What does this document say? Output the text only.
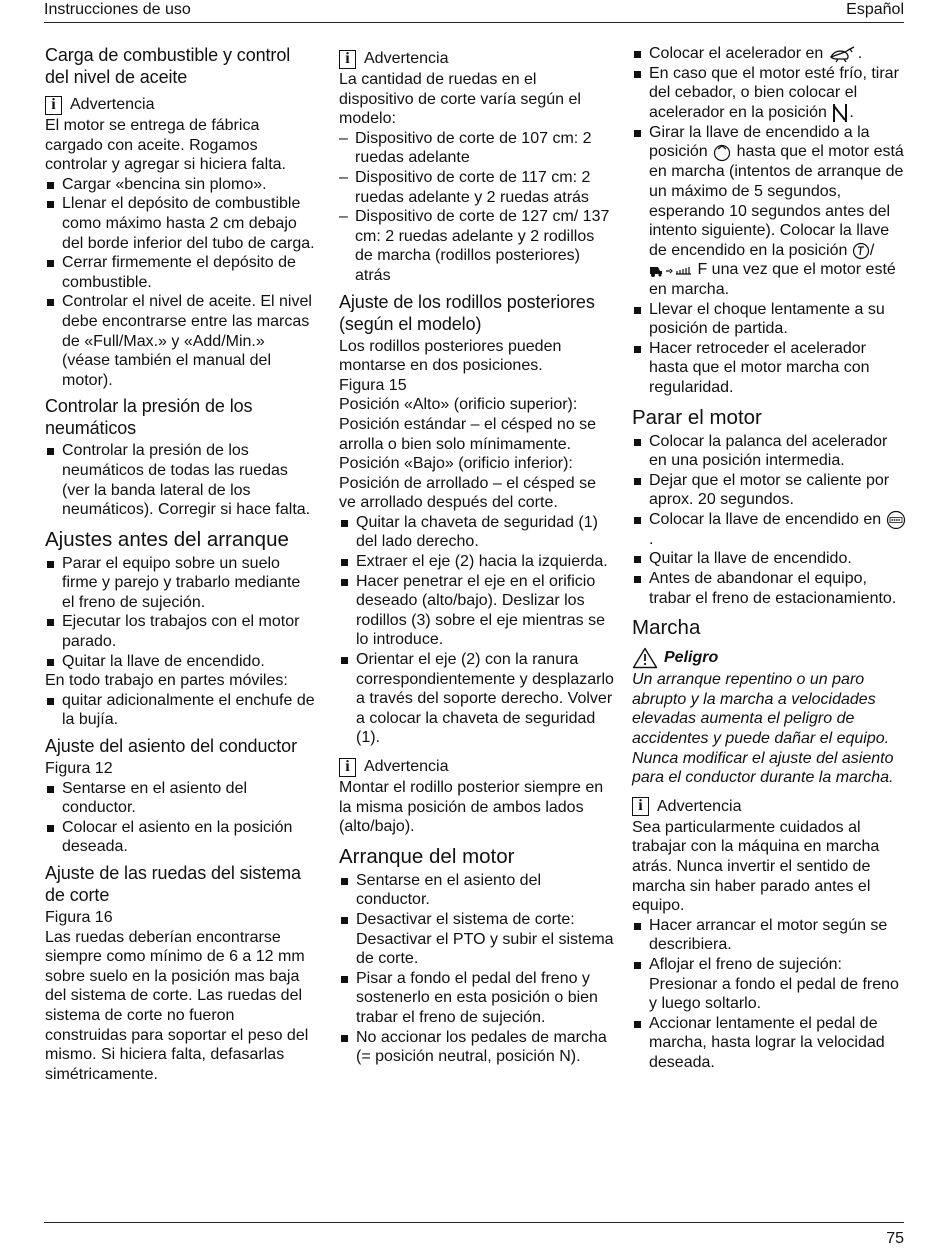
Instrucciones de uso	Español
Carga de combustible y control del nivel de aceite
i Advertencia

El motor se entrega de fábrica cargado con aceite. Rogamos controlar y agregar si hiciera falta.

Cargar «bencina sin plomo».
Llenar el depósito de combustible como máximo hasta 2 cm debajo del borde inferior del tubo de carga.
Cerrar firmemente el depósito de combustible.
Controlar el nivel de aceite. El nivel debe encontrarse entre las marcas de «Full/Max.» y «Add/Min.» (véase también el manual del motor).
Controlar la presión de los neumáticos
Controlar la presión de los neumáticos de todas las ruedas (ver la banda lateral de los neumáticos). Corregir si hace falta.
Ajustes antes del arranque
Parar el equipo sobre un suelo firme y parejo y trabarlo mediante el freno de sujeción.
Ejecutar los trabajos con el motor parado.
Quitar la llave de encendido.

En todo trabajo en partes móviles:

quitar adicionalmente el enchufe de la bujía.
Ajuste del asiento del conductor

Figura 12

Sentarse en el asiento del conductor.
Colocar el asiento en la posición deseada.
Ajuste de las ruedas del sistema de corte

Figura 16

Las ruedas deberían encontrarse siempre como mínimo de 6 a 12 mm sobre suelo en la posición mas baja del sistema de corte. Las ruedas del sistema de corte no fueron construidas para soportar el peso del mismo. Si hiciera falta, defasarlas simétricamente.

i Advertencia

La cantidad de ruedas en el dispositivo de corte varía según el modelo:

– Dispositivo de corte de 107 cm: 2 ruedas adelante
– Dispositivo de corte de 117 cm: 2 ruedas adelante y 2 ruedas atrás
– Dispositivo de corte de 127 cm/ 137 cm: 2 ruedas adelante y 2 rodillos de marcha (rodillos posteriores) atrás
Ajuste de los rodillos posteriores (según el modelo)

Los rodillos posteriores pueden montarse en dos posiciones.

Figura 15

Posición «Alto» (orificio superior): Posición estándar – el césped no se arrolla o bien solo mínimamente.

Posición «Bajo» (orificio inferior): Posición de arrollado – el césped se ve arrollado después del corte.

Quitar la chaveta de seguridad (1) del lado derecho.
Extraer el eje (2) hacia la izquierda.
Hacer penetrar el eje en el orificio deseado (alto/bajo). Deslizar los rodillos (3) sobre el eje mientras se lo introduce.
Orientar el eje (2) con la ranura correspondientemente y desplazarlo a través del soporte derecho. Volver a colocar la chaveta de seguridad (1).
i Advertencia

Montar el rodillo posterior siempre en la misma posición de ambos lados (alto/bajo).

Arranque del motor
Sentarse en el asiento del conductor.
Desactivar el sistema de corte: Desactivar el PTO y subir el sistema de corte.
Pisar a fondo el pedal del freno y sostenerlo en esta posición o bien trabar el freno de sujeción.
No accionar los pedales de marcha (= posición neutral, posición N).
Colocar el acelerador en .
En caso que el motor esté frío, tirar del cebador, o bien colocar el acelerador en la posición .
Girar la llave de encendido a la posición hasta que el motor está en marcha (intentos de arranque de un máximo de 5 segundos, esperando 10 segundos antes del intento siguiente). Colocar la llave de encendido en la posición /  F una vez que el motor esté en marcha.
Llevar el choque lentamente a su posición de partida.
Hacer retroceder el acelerador hasta que el motor marcha con regularidad.
Parar el motor
Colocar la palanca del acelerador en una posición intermedia.
Dejar que el motor se caliente por aprox. 20 segundos.
Colocar la llave de encendido en .
Quitar la llave de encendido.
Antes de abandonar el equipo, trabar el freno de estacionamiento.
Marcha
Peligro

Un arranque repentino o un paro abrupto y la marcha a velocidades elevadas aumenta el peligro de accidentes y puede dañar el equipo.

Nunca modificar el ajuste del asiento para el conductor durante la marcha.

i Advertencia

Sea particularmente cuidados al trabajar con la máquina en marcha atrás. Nunca invertir el sentido de marcha sin haber parado antes el equipo.

Hacer arrancar el motor según se describiera.
Aflojar el freno de sujeción: Presionar a fondo el pedal de freno y luego soltarlo.
Accionar lentamente el pedal de marcha, hasta lograr la velocidad deseada.
75
